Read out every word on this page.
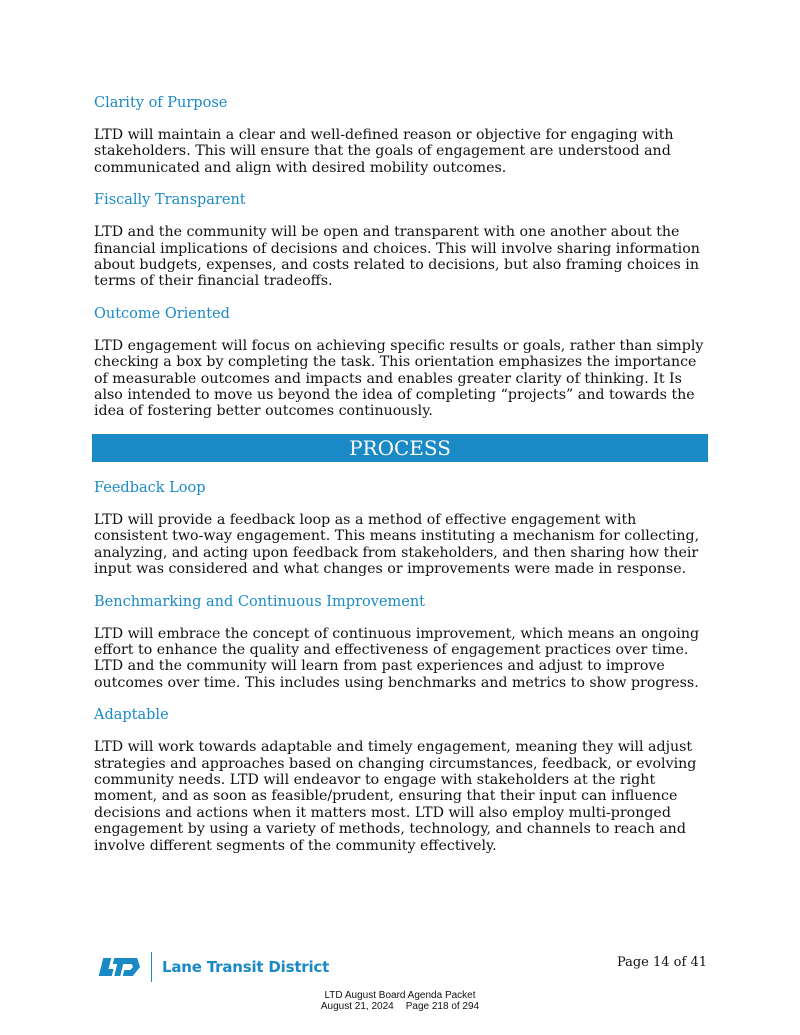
Clarity of Purpose

LTD will maintain a clear and well-defined reason or objective for engaging with stakeholders. This will ensure that the goals of engagement are understood and communicated and align with desired mobility outcomes.

Fiscally Transparent

LTD and the community will be open and transparent with one another about the financial implications of decisions and choices. This will involve sharing information about budgets, expenses, and costs related to decisions, but also framing choices in terms of their financial tradeoffs.

Outcome Oriented

LTD engagement will focus on achieving specific results or goals, rather than simply checking a box by completing the task. This orientation emphasizes the importance of measurable outcomes and impacts and enables greater clarity of thinking. It Is also intended to move us beyond the idea of completing “projects” and towards the idea of fostering better outcomes continuously.

PROCESS
Feedback Loop

LTD will provide a feedback loop as a method of effective engagement with consistent two-way engagement. This means instituting a mechanism for collecting, analyzing, and acting upon feedback from stakeholders, and then sharing how their input was considered and what changes or improvements were made in response.

Benchmarking and Continuous Improvement

LTD will embrace the concept of continuous improvement, which means an ongoing effort to enhance the quality and effectiveness of engagement practices over time. LTD and the community will learn from past experiences and adjust to improve outcomes over time. This includes using benchmarks and metrics to show progress.

Adaptable

LTD will work towards adaptable and timely engagement, meaning they will adjust strategies and approaches based on changing circumstances, feedback, or evolving community needs. LTD will endeavor to engage with stakeholders at the right moment, and as soon as feasible/prudent, ensuring that their input can influence decisions and actions when it matters most. LTD will also employ multi-pronged engagement by using a variety of methods, technology, and channels to reach and involve different segments of the community effectively.

Lane Transit District	Page 14 of 41
LTD August Board Agenda Packet
August 21, 2024 Page 218 of 294
